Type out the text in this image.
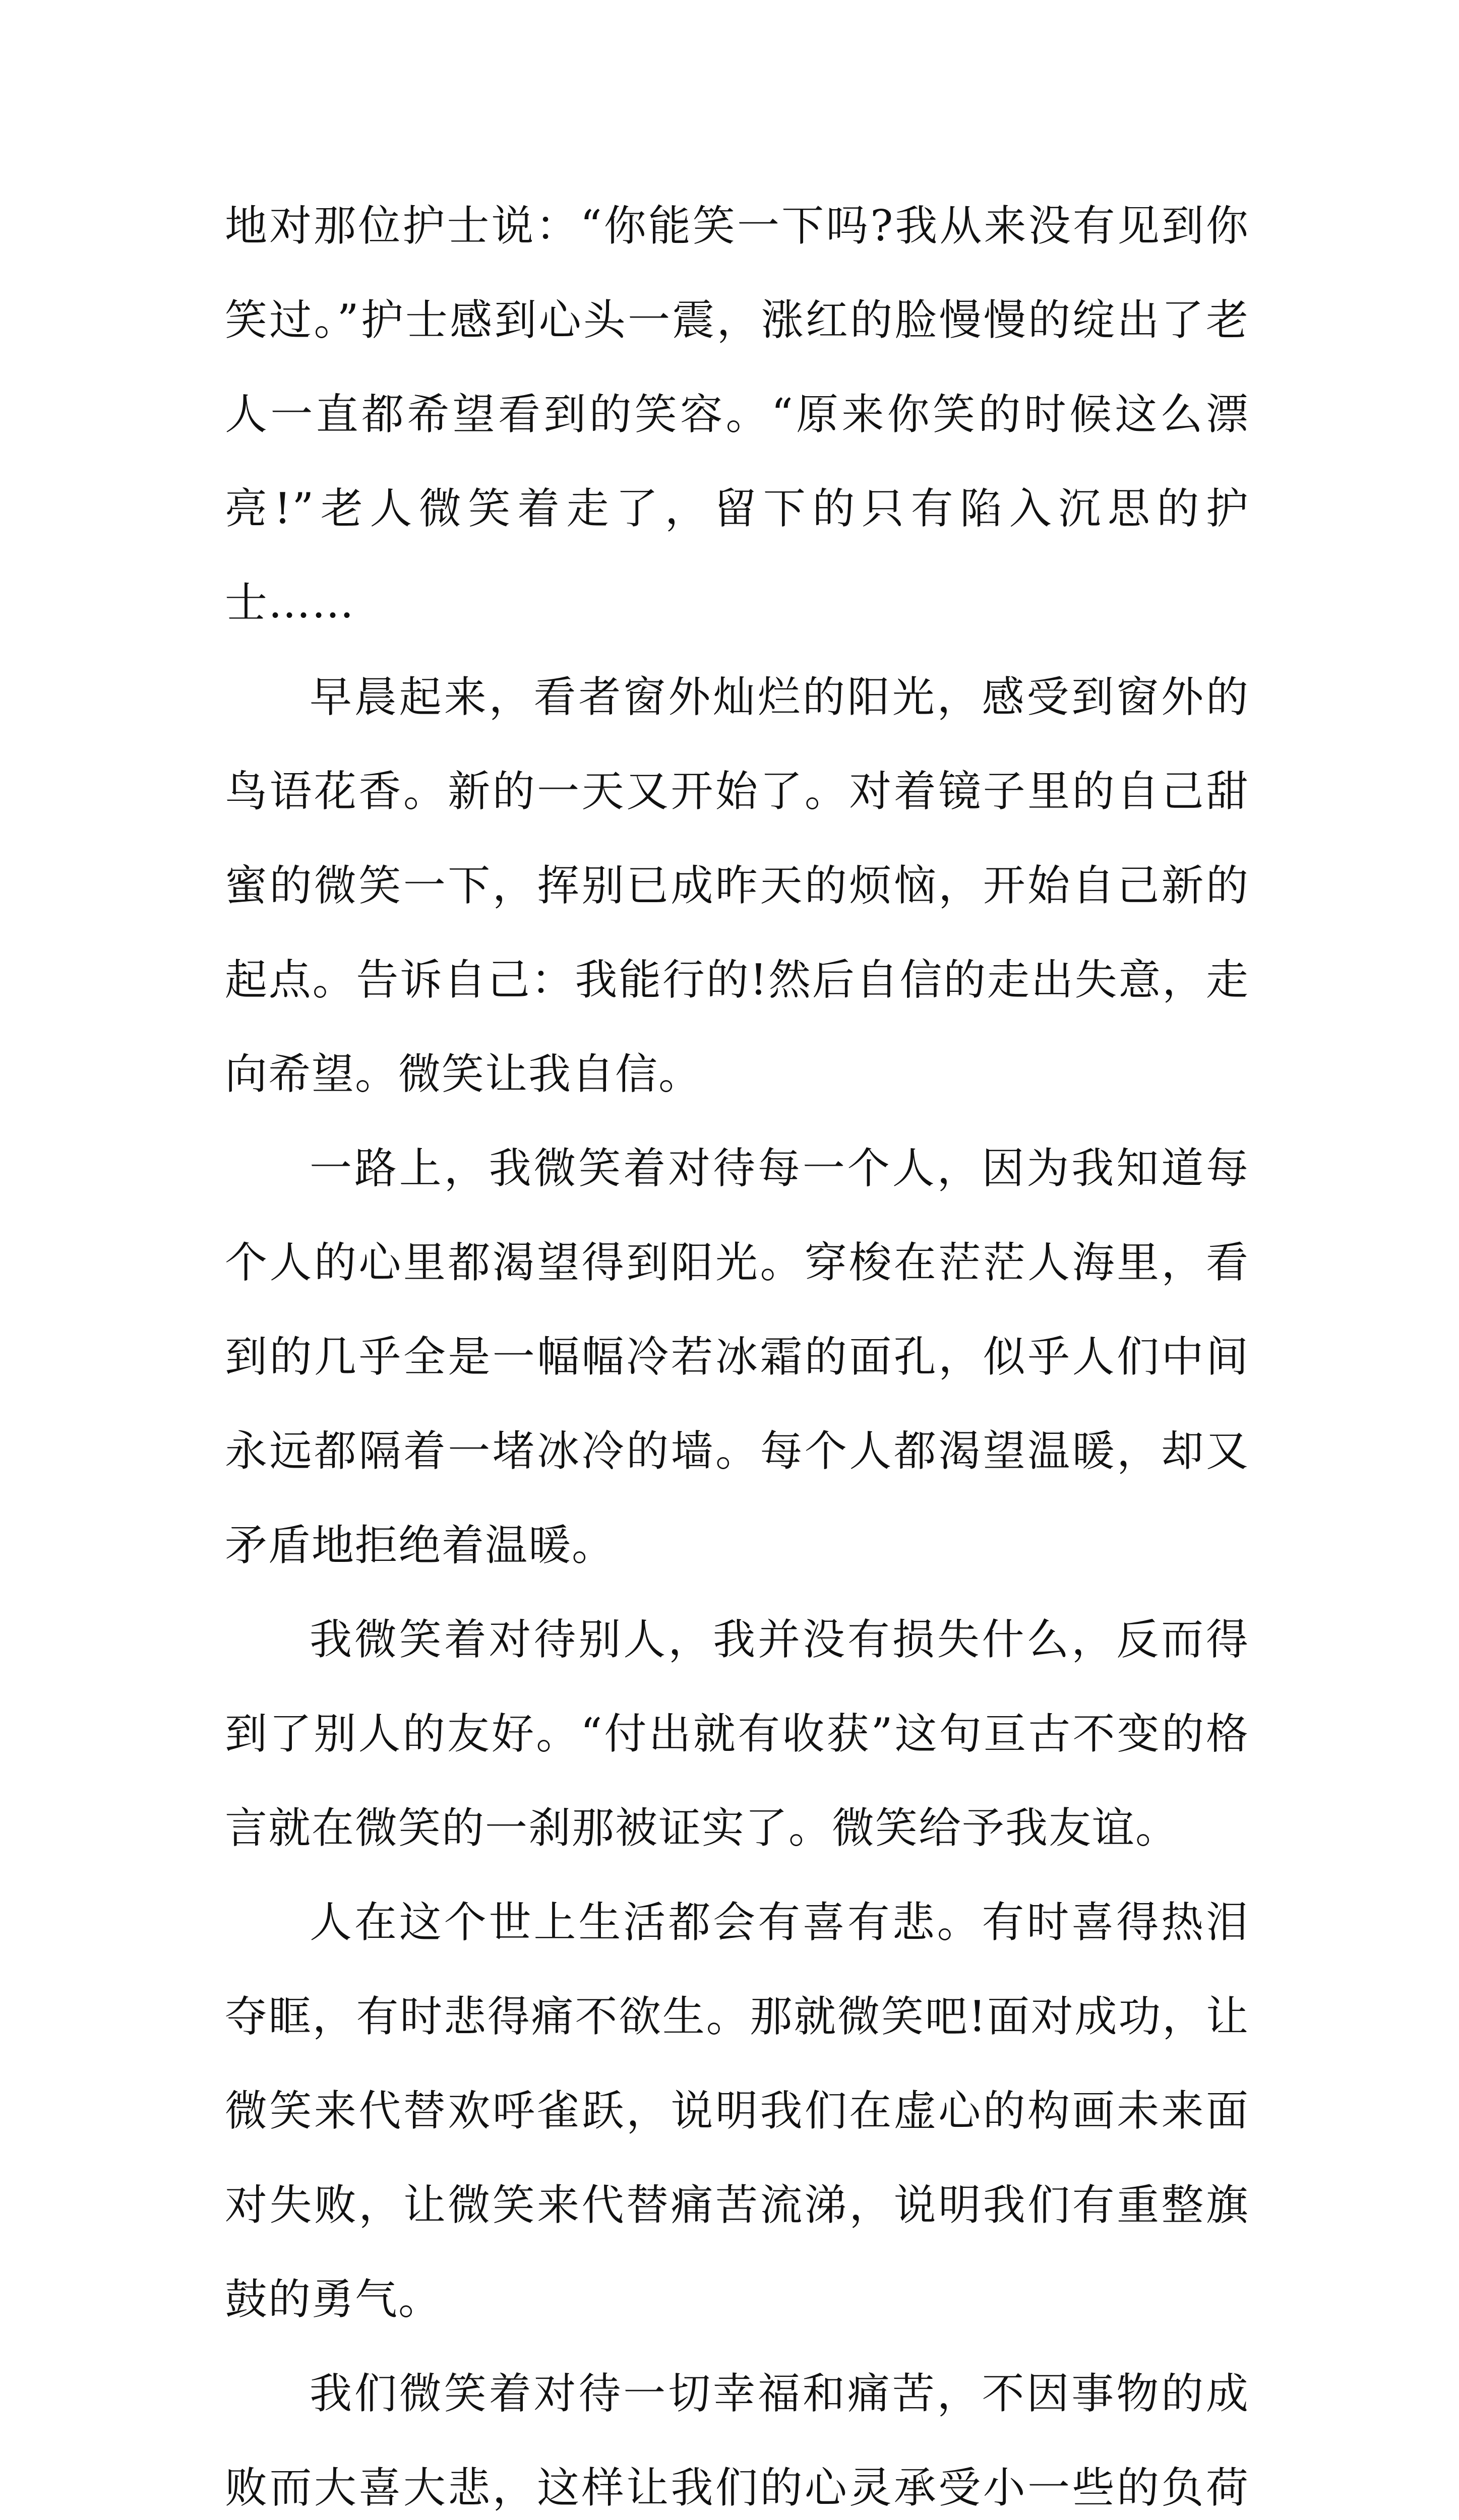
地对那位护士说：“你能笑一下吗?我从来没有见到你笑过。”护士感到心头一震，涨红的脸慢慢的绽出了老人一直都希望看到的笑容。“原来你笑的时候这么漂亮!”老人微笑着走了，留下的只有陷入沉思的护士……

早晨起来，看者窗外灿烂的阳光，感受到窗外的鸟语花香。新的一天又开始了。对着镜子里的自己甜蜜的微笑一下，挥别已成昨天的烦恼，开始自己新的起点。告诉自己：我能行的!然后自信的走出失意，走向希望。微笑让我自信。

一路上，我微笑着对待每一个人，因为我知道每个人的心里都渴望得到阳光。穿梭在茫茫人海里，看到的几乎全是一幅幅冷若冰霜的面孔，似乎人们中间永远都隔着一堵冰冷的墙。每个人都渴望温暖，却又矛盾地拒绝着温暖。

我微笑着对待别人，我并没有损失什么，反而得到了别人的友好。“付出就有收获”这句亘古不变的格言就在微笑的一刹那被证实了。微笑给予我友谊。

人在这个世上生活都会有喜有悲。有时喜得热泪夺眶，有时悲得痛不欲生。那就微笑吧!面对成功，让微笑来代替欢呼雀跃，说明我们在虚心的构画未来面对失败，让微笑来代替痛苦流涕，说明我们有重整旗鼓的勇气。

我们微笑着对待一切幸福和痛苦，不因事物的成败而大喜大悲，这样让我们的心灵承受小一些的负荷
